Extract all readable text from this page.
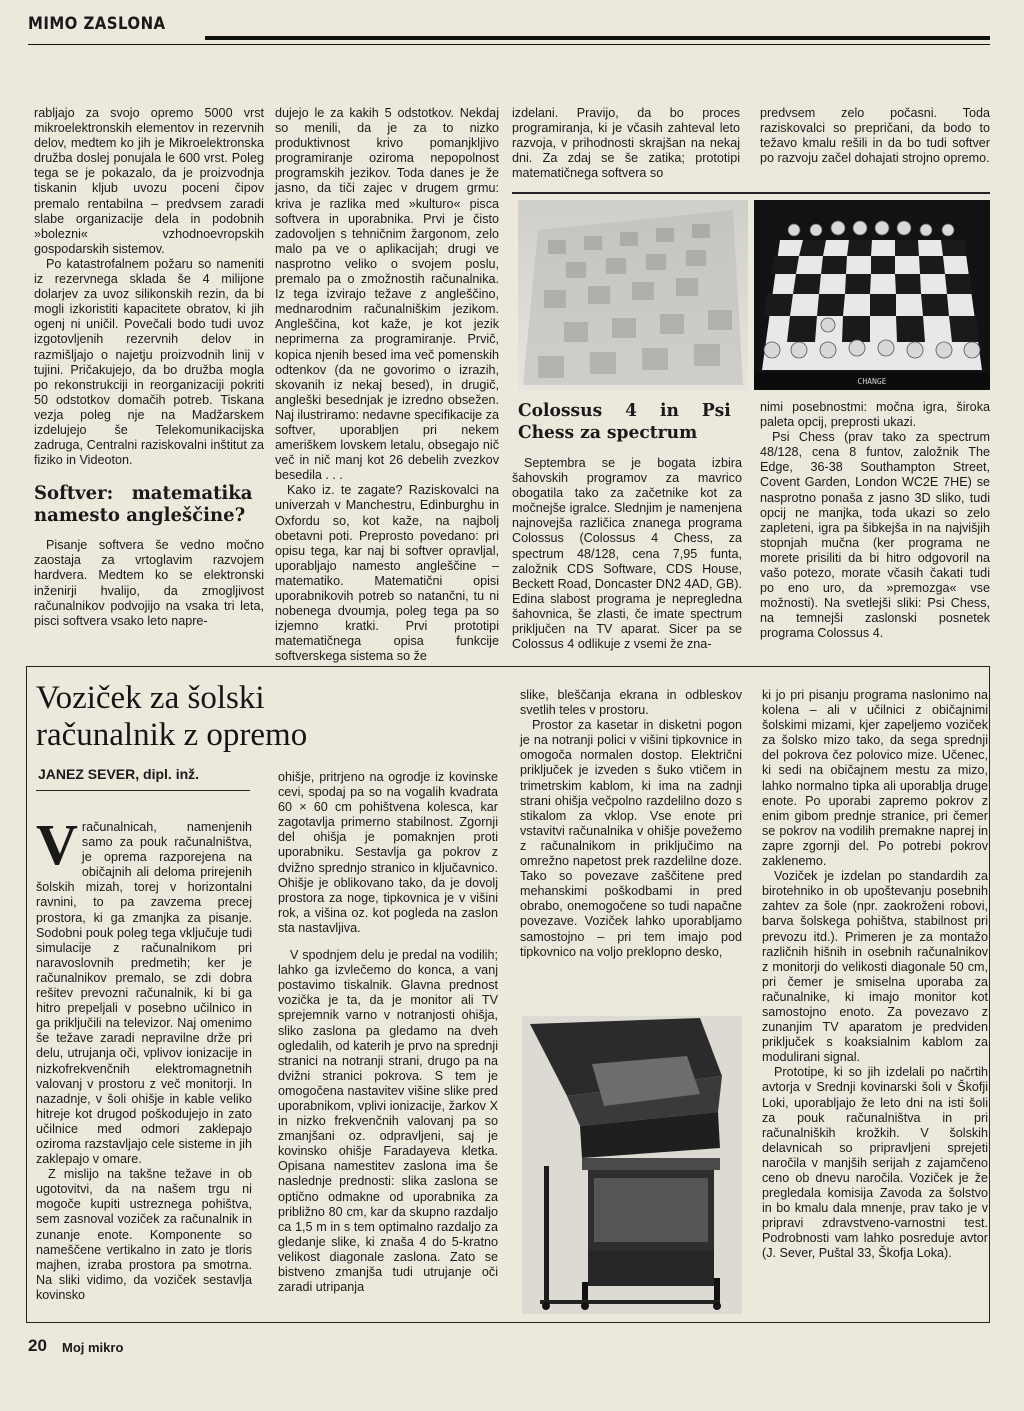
MIMO ZASLONA

rabljajo za svojo opremo 5000 vrst mikroelektronskih elementov in rezervnih delov, medtem ko jih je Mikroelektronska družba doslej ponujala le 600 vrst. Poleg tega se je pokazalo, da je proizvodnja tiskanin kljub uvozu poceni čipov premalo rentabilna – predvsem zaradi slabe organizacije dela in podobnih »bolezni« vzhodnoevropskih gospodarskih sistemov.

Po katastrofalnem požaru so nameniti iz rezervnega sklada še 4 milijone dolarjev za uvoz silikonskih rezin, da bi mogli izkoristiti kapacitete obratov, ki jih ogenj ni uničil. Povečali bodo tudi uvoz izgotovljenih rezervnih delov in razmišljajo o najetju proizvodnih linij v tujini. Pričakujejo, da bo družba mogla po rekonstrukciji in reorganizaciji pokriti 50 odstotkov domačih potreb. Tiskana vezja poleg nje na Madžarskem izdelujejo še Telekomunikacijska zadruga, Centralni raziskovalni inštitut za fiziko in Videoton.

Softver: matematika namesto angleščine?

Pisanje softvera še vedno močno zaostaja za vrtoglavim razvojem hardvera. Medtem ko se elektronski inženirji hvalijo, da zmogljivost računalnikov podvojijo na vsaka tri leta, pisci softvera vsako leto napre-

dujejo le za kakih 5 odstotkov. Nekdaj so menili, da je za to nizko produktivnost krivo pomanjkljivo programiranje oziroma nepopolnost programskih jezikov. Toda danes je že jasno, da tiči zajec v drugem grmu: kriva je razlika med »kulturo« pisca softvera in uporabnika. Prvi je čisto zadovoljen s tehničnim žargonom, zelo malo pa ve o aplikacijah; drugi ve nasprotno veliko o svojem poslu, premalo pa o zmožnostih računalnika. Iz tega izvirajo težave z angleščino, mednarodnim računalniškim jezikom. Angleščina, kot kaže, je kot jezik neprimerna za programiranje. Prvič, kopica njenih besed ima več pomenskih odtenkov (da ne govorimo o izrazih, skovanih iz nekaj besed), in drugič, angleški besednjak je izredno obsežen. Naj ilustriramo: nedavne specifikacije za softver, uporabljen pri nekem ameriškem lovskem letalu, obsegajo nič več in nič manj kot 26 debelih zvezkov besedila . . .

Kako iz. te zagate? Raziskovalci na univerzah v Manchestru, Edinburghu in Oxfordu so, kot kaže, na najbolj obetavni poti. Preprosto povedano: pri opisu tega, kar naj bi softver opravljal, uporabljajo namesto angleščine – matematiko. Matematični opisi uporabnikovih potreb so natančni, tu ni nobenega dvoumja, poleg tega pa so izjemno kratki. Prvi prototipi matematičnega opisa funkcije softverskega sistema so že

izdelani. Pravijo, da bo proces programiranja, ki je včasih zahteval leto razvoja, v prihodnosti skrajšan na nekaj dni. Za zdaj se še zatika; prototipi matematičnega softvera so

predvsem zelo počasni. Toda raziskovalci so prepričani, da bodo to težavo kmalu rešili in da bo tudi softver po razvoju začel dohajati strojno opremo.

CHANGE
Colossus 4 in Psi Chess za spectrum

Septembra se je bogata izbira šahovskih programov za mavrico obogatila tako za začetnike kot za močnejše igralce. Slednjim je namenjena najnovejša različica znanega programa Colossus (Colossus 4 Chess, za spectrum 48/128, cena 7,95 funta, založnik CDS Software, CDS House, Beckett Road, Doncaster DN2 4AD, GB). Edina slabost programa je nepregledna šahovnica, še zlasti, če imate spectrum priključen na TV aparat. Sicer pa se Colossus 4 odlikuje z vsemi že zna-

nimi posebnostmi: močna igra, široka paleta opcij, preprosti ukazi.

Psi Chess (prav tako za spectrum 48/128, cena 8 funtov, založnik The Edge, 36-38 Southampton Street, Covent Garden, London WC2E 7HE) se nasprotno ponaša z jasno 3D sliko, tudi opcij ne manjka, toda ukazi so zelo zapleteni, igra pa šibkejša in na najvišjih stopnjah mučna (ker programa ne morete prisiliti da bi hitro odgovoril na vašo potezo, morate včasih čakati tudi po eno uro, da »premozga« vse možnosti). Na svetlejši sliki: Psi Chess, na temnejši zaslonski posnetek programa Colossus 4.

Voziček za šolski
računalnik z opremo
JANEZ SEVER, dipl. inž.

Vračunalnicah, namenjenih samo za pouk računalništva, je oprema razporejena na običajnih ali deloma prirejenih šolskih mizah, torej v horizontalni ravnini, to pa zavzema precej prostora, ki ga zmanjka za pisanje. Sodobni pouk poleg tega vključuje tudi simulacije z računalnikom pri naravoslovnih predmetih; ker je računalnikov premalo, se zdi dobra rešitev prevozni računalnik, ki bi ga hitro prepeljali v posebno učilnico in ga priključili na televizor. Naj omenimo še težave zaradi nepravilne drže pri delu, utrujanja oči, vplivov ionizacije in nizkofrekvenčnih elektromagnetnih valovanj v prostoru z več monitorji. In nazadnje, v šoli ohišje in kable veliko hitreje kot drugod poškodujejo in zato učilnice med odmori zaklepajo oziroma razstavljajo cele sisteme in jih zaklepajo v omare.

Z mislijo na takšne težave in ob ugotovitvi, da na našem trgu ni mogoče kupiti ustreznega pohištva, sem zasnoval voziček za računalnik in zunanje enote. Komponente so nameščene vertikalno in zato je tloris majhen, izraba prostora pa smotrna. Na sliki vidimo, da voziček sestavlja kovinsko

ohišje, pritrjeno na ogrodje iz kovinske cevi, spodaj pa so na vogalih kvadrata 60 × 60 cm pohištvena kolesca, kar zagotavlja primerno stabilnost. Zgornji del ohišja je pomaknjen proti uporabniku. Sestavlja ga pokrov z dvižno sprednjo stranico in ključavnico. Ohišje je oblikovano tako, da je dovolj prostora za noge, tipkovnica je v višini rok, a višina oz. kot pogleda na zaslon sta nastavljiva.

V spodnjem delu je predal na vodilih; lahko ga izvlečemo do konca, a vanj postavimo tiskalnik. Glavna prednost vozička je ta, da je monitor ali TV sprejemnik varno v notranjosti ohišja, sliko zaslona pa gledamo na dveh ogledalih, od katerih je prvo na sprednji stranici na notranji strani, drugo pa na dvižni stranici pokrova. S tem je omogočena nastavitev višine slike pred uporabnikom, vplivi ionizacije, žarkov X in nizko frekvenčnih valovanj pa so zmanjšani oz. odpravljeni, saj je kovinsko ohišje Faradayeva kletka. Opisana namestitev zaslona ima še naslednje prednosti: slika zaslona se optično odmakne od uporabnika za približno 80 cm, kar da skupno razdaljo ca 1,5 m in s tem optimalno razdaljo za gledanje slike, ki znaša 4 do 5-kratno velikost diagonale zaslona. Zato se bistveno zmanjša tudi utrujanje oči zaradi utripanja

slike, bleščanja ekrana in odbleskov svetlih teles v prostoru.

Prostor za kasetar in disketni pogon je na notranji polici v višini tipkovnice in omogoča normalen dostop. Električni priključek je izveden s šuko vtičem in trimetrskim kablom, ki ima na zadnji strani ohišja večpolno razdelilno dozo s stikalom za vklop. Vse enote pri vstavitvi računalnika v ohišje povežemo z računalnikom in priključimo na omrežno napetost prek razdelilne doze. Tako so povezave zaščitene pred mehanskimi poškodbami in pred obrabo, onemogočene so tudi napačne povezave. Voziček lahko uporabljamo samostojno – pri tem imajo pod tipkovnico na voljo preklopno desko,

ki jo pri pisanju programa naslonimo na kolena – ali v učilnici z običajnimi šolskimi mizami, kjer zapeljemo voziček za šolsko mizo tako, da sega sprednji del pokrova čez polovico mize. Učenec, ki sedi na običajnem mestu za mizo, lahko normalno tipka ali uporablja druge enote. Po uporabi zapremo pokrov z enim gibom prednje stranice, pri čemer se pokrov na vodilih premakne naprej in zapre zgornji del. Po potrebi pokrov zaklenemo.

Voziček je izdelan po standardih za birotehniko in ob upoštevanju posebnih zahtev za šole (npr. zaokroženi robovi, barva šolskega pohištva, stabilnost pri prevozu itd.). Primeren je za montažo različnih hišnih in osebnih računalnikov z monitorji do velikosti diagonale 50 cm, pri čemer je smiselna uporaba za računalnike, ki imajo monitor kot samostojno enoto. Za povezavo z zunanjim TV aparatom je predviden priključek s koaksialnim kablom za modulirani signal.

Prototipe, ki so jih izdelali po načrtih avtorja v Srednji kovinarski šoli v Škofji Loki, uporabljajo že leto dni na isti šoli za pouk računalništva in pri računalniških krožkih. V šolskih delavnicah so pripravljeni sprejeti naročila v manjših serijah z zajamčeno ceno ob dnevu naročila. Voziček je že pregledala komisija Zavoda za šolstvo in bo kmalu dala mnenje, prav tako je v pripravi zdravstveno-varnostni test. Podrobnosti vam lahko posreduje avtor (J. Sever, Puštal 33, Škofja Loka).

20 Moj mikro
